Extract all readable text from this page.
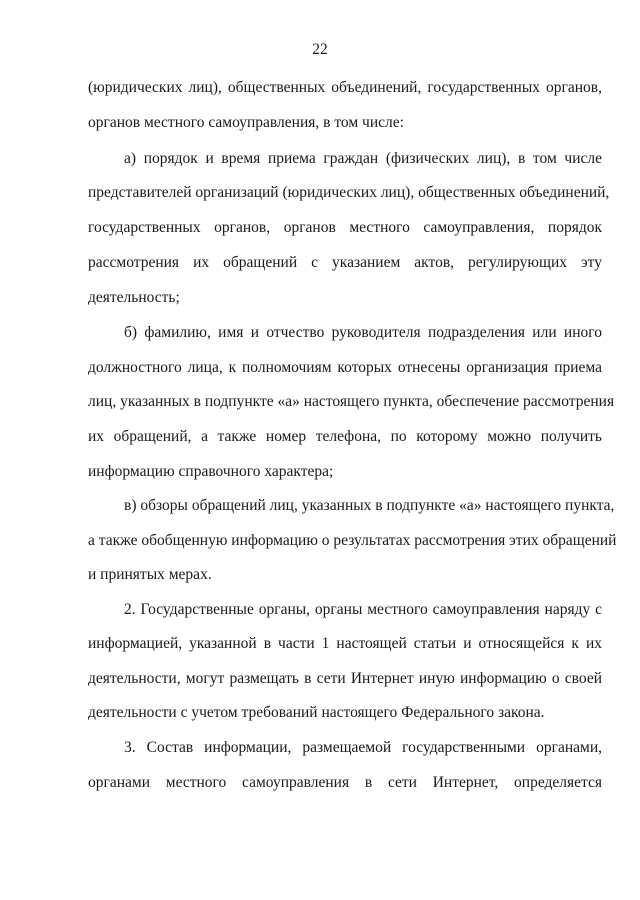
22
(юридических лиц), общественных объединений, государственных органов,
органов местного самоуправления, в том числе:
а) порядок и время приема граждан (физических лиц), в том числе
представителей организаций (юридических лиц), общественных объединений,
государственных органов, органов местного самоуправления, порядок
рассмотрения их обращений с указанием актов, регулирующих эту
деятельность;
б) фамилию, имя и отчество руководителя подразделения или иного
должностного лица, к полномочиям которых отнесены организация приема
лиц, указанных в подпункте «а» настоящего пункта, обеспечение рассмотрения
их обращений, а также номер телефона, по которому можно получить
информацию справочного характера;
в) обзоры обращений лиц, указанных в подпункте «а» настоящего пункта,
а также обобщенную информацию о результатах рассмотрения этих обращений
и принятых мерах.
2. Государственные органы, органы местного самоуправления наряду с
информацией, указанной в части 1 настоящей статьи и относящейся к их
деятельности, могут размещать в сети Интернет иную информацию о своей
деятельности с учетом требований настоящего Федерального закона.
3. Состав информации, размещаемой государственными органами,
органами местного самоуправления в сети Интернет, определяется
